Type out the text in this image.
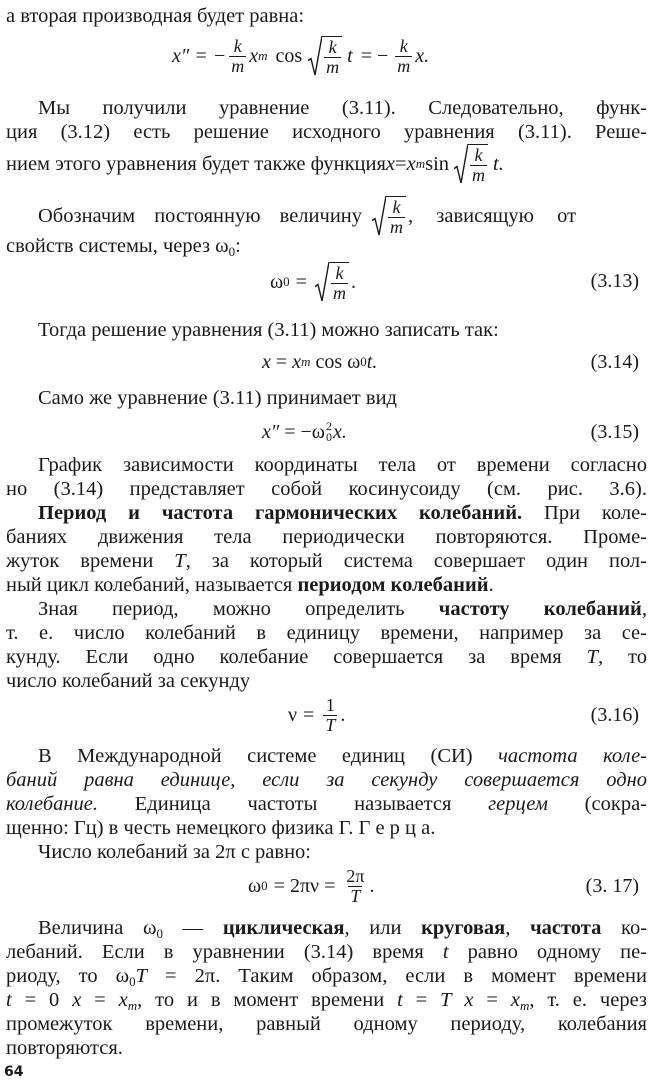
а вторая производная будет равна:
x″ = − $\frac{k}{m}$ x m $\cos \frac{k}{m}$ t = − $\frac{k}{m} x$.
Мы получили уравнение (3.11). Следовательно, функ-
ция (3.12) есть решение исходного уравнения (3.11). Реше-
нием этого уравнения будет также функция x = x m $\sin \frac{k}{m} t$.
Обозначим постоянную величину $\frac{k}{m}$ , зависящую от
свойств системы, через $\omega_0$:
ω $0 = \frac{k}{m}$ .	(3.13)
Тогда решение уравнения (3.11) можно записать так:
x = x m cos ω 0 t.	(3.14)
Само же уравнение (3.11) принимает вид
x″ = −ω 2
0 x.	(3.15)
График зависимости координаты тела от времени согласно
но (3.14) представляет собой косинусоиду (см. рис. 3.6).
Период и частота гармонических колебаний. При коле-
баниях движения тела периодически повторяются. Проме-
жуток времени T, за который система совершает один пол-
ный цикл колебаний, называется периодом колебаний.
Зная период, можно определить частоту колебаний,
т. е. число колебаний в единицу времени, например за се-
кунду. Если одно колебание совершается за время T, то
число колебаний за секунду
$\nu = \frac{1}{T}$ .	(3.16)
В Международной системе единиц (СИ) частота коле-
баний равна единице, если за секунду совершается одно
колебание. Единица частоты называется герцем (сокра-
щенно: Гц) в честь немецкого физика Г. Г е р ц а.
Число колебаний за 2π с равно:
ω $0 = 2\pi\nu = \frac{2\pi}{T}$ .	(3. 17)
Величина $\omega_0$ — циклическая, или круговая, частота ко-
лебаний. Если в уравнении (3.14) время t равно одному пе-
риоду, то $\omega_0T = 2\pi$. Таким образом, если в момент времени
t = 0 $x = x_m$, то и в момент времени t = T $x = x_m$, т. е. через
промежуток времени, равный одному периоду, колебания
повторяются.
64
